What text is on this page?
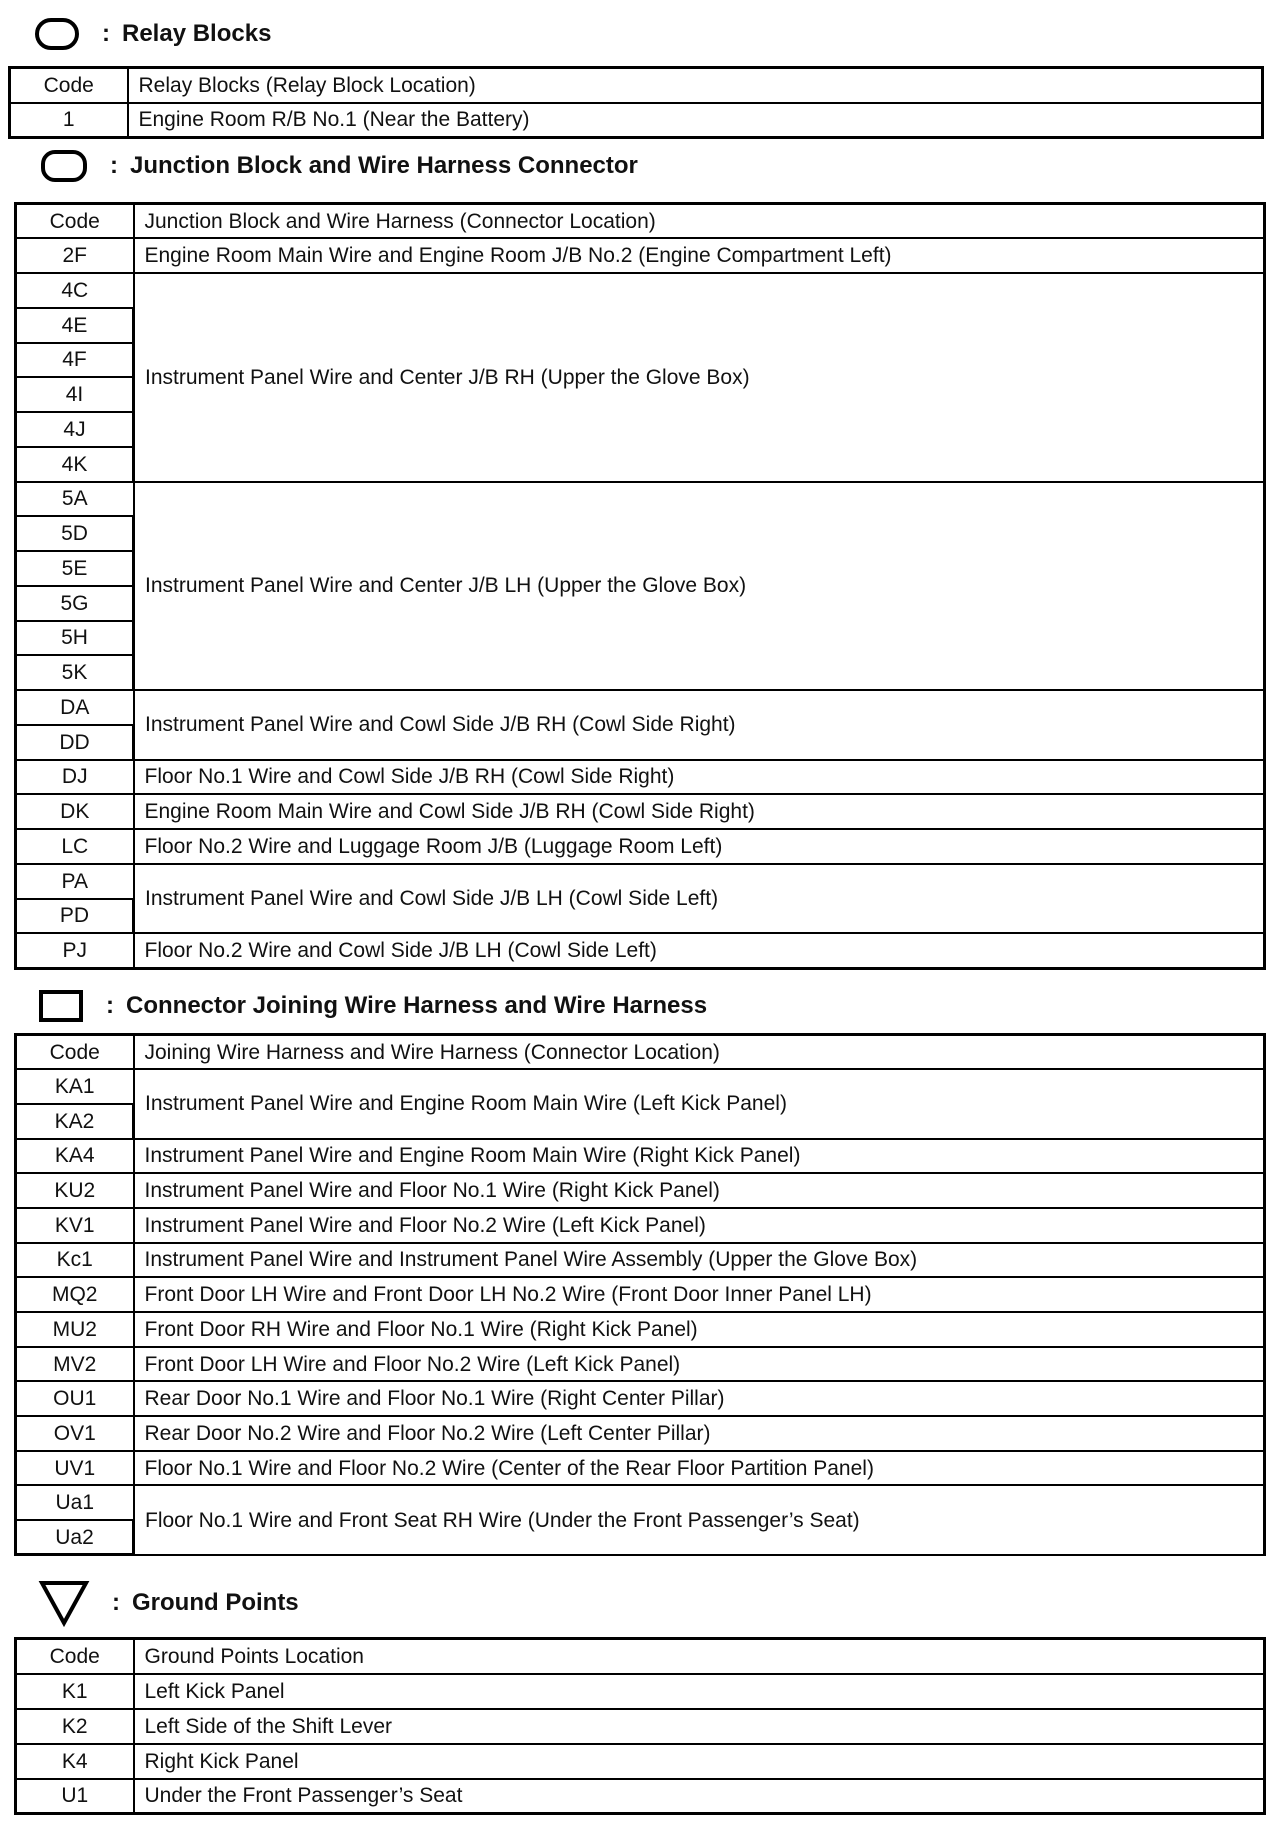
: Relay Blocks
Code	Relay Blocks (Relay Block Location)
1	Engine Room R/B No.1 (Near the Battery)
: Junction Block and Wire Harness Connector
Code	Junction Block and Wire Harness (Connector Location)
2F	Engine Room Main Wire and Engine Room J/B No.2 (Engine Compartment Left)
4C	Instrument Panel Wire and Center J/B RH (Upper the Glove Box)
4E	
4F	
4I	
4J	
4K	
5A	Instrument Panel Wire and Center J/B LH (Upper the Glove Box)
5D	
5E	
5G	
5H	
5K	
DA	Instrument Panel Wire and Cowl Side J/B RH (Cowl Side Right)
DD	
DJ	Floor No.1 Wire and Cowl Side J/B RH (Cowl Side Right)
DK	Engine Room Main Wire and Cowl Side J/B RH (Cowl Side Right)
LC	Floor No.2 Wire and Luggage Room J/B (Luggage Room Left)
PA	Instrument Panel Wire and Cowl Side J/B LH (Cowl Side Left)
PD	
PJ	Floor No.2 Wire and Cowl Side J/B LH (Cowl Side Left)
: Connector Joining Wire Harness and Wire Harness
Code	Joining Wire Harness and Wire Harness (Connector Location)
KA1	Instrument Panel Wire and Engine Room Main Wire (Left Kick Panel)
KA2	
KA4	Instrument Panel Wire and Engine Room Main Wire (Right Kick Panel)
KU2	Instrument Panel Wire and Floor No.1 Wire (Right Kick Panel)
KV1	Instrument Panel Wire and Floor No.2 Wire (Left Kick Panel)
Kc1	Instrument Panel Wire and Instrument Panel Wire Assembly (Upper the Glove Box)
MQ2	Front Door LH Wire and Front Door LH No.2 Wire (Front Door Inner Panel LH)
MU2	Front Door RH Wire and Floor No.1 Wire (Right Kick Panel)
MV2	Front Door LH Wire and Floor No.2 Wire (Left Kick Panel)
OU1	Rear Door No.1 Wire and Floor No.1 Wire (Right Center Pillar)
OV1	Rear Door No.2 Wire and Floor No.2 Wire (Left Center Pillar)
UV1	Floor No.1 Wire and Floor No.2 Wire (Center of the Rear Floor Partition Panel)
Ua1	Floor No.1 Wire and Front Seat RH Wire (Under the Front Passenger’s Seat)
Ua2	
: Ground Points
Code	Ground Points Location
K1	Left Kick Panel
K2	Left Side of the Shift Lever
K4	Right Kick Panel
U1	Under the Front Passenger’s Seat
